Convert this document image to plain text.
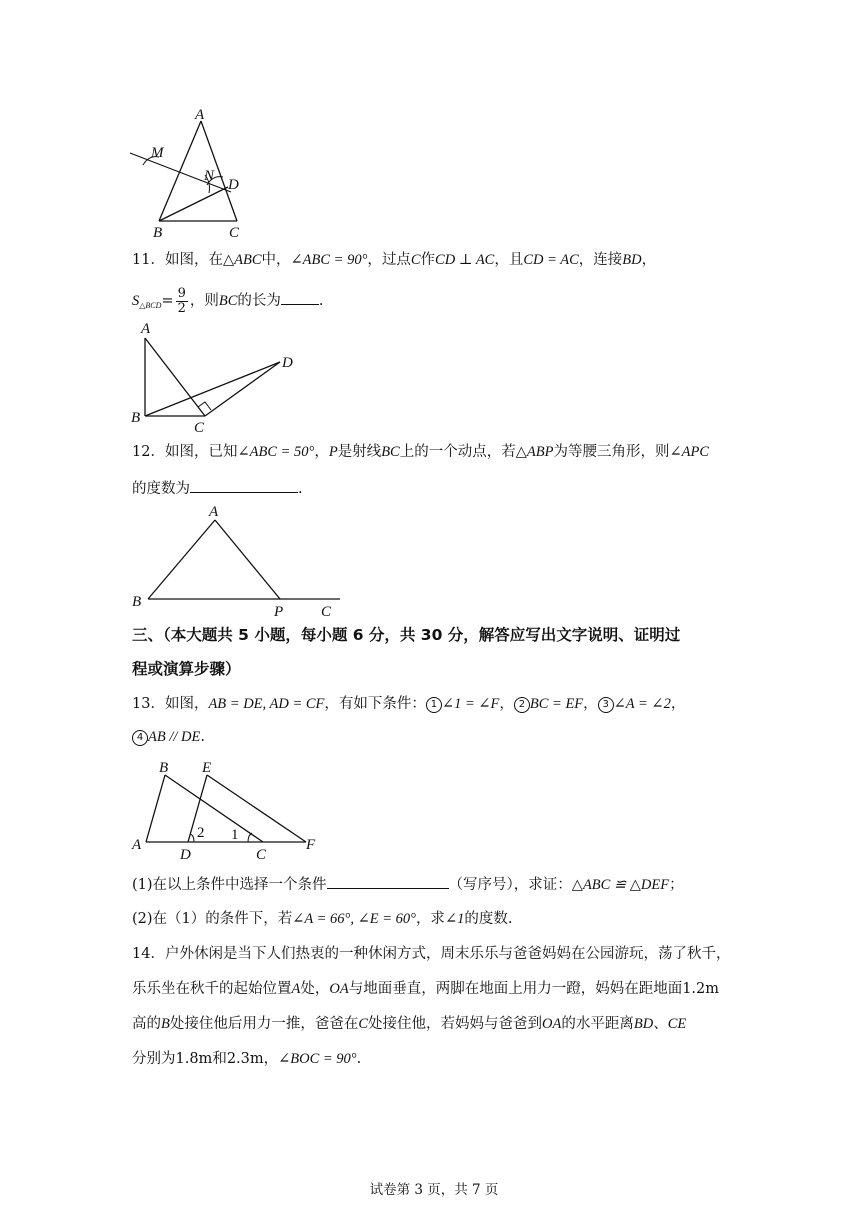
A
M
N
D
B	C
11．如图，在△ABC中，∠ABC = 90°，过点C作CD ⊥ AC，且CD = AC，连接BD，
$S_{\triangle BCD}= \frac{9}{2}$ ，则BC的长为	.
A
B
C
D
12．如图，已知∠ABC = 50°，P是射线BC上的一个动点，若△ABP为等腰三角形，则∠APC
的度数为	.
A
B
P	C
三、（本大题共 5 小题，每小题 6 分，共 30 分，解答应写出文字说明、证明过
程或演算步骤）
13．如图，AB = DE, AD = CF，有如下条件： 1 ∠1 = ∠F， 2 BC = EF， 3 ∠A = ∠2，
4 AB // DE.
B E
A
D	C
F
2 1
(1)在以上条件中选择一个条件	（写序号），求证：△ABC ≌ △DEF；
(2)在（1）的条件下，若∠A = 66°, ∠E = 60°，求∠1的度数.
14．户外休闲是当下人们热衷的一种休闲方式，周末乐乐与爸爸妈妈在公园游玩，荡了秋千，
乐乐坐在秋千的起始位置A处，OA与地面垂直，两脚在地面上用力一蹬，妈妈在距地面1.2m
高的B处接住他后用力一推，爸爸在C处接住他，若妈妈与爸爸到OA的水平距离BD、CE
分别为1.8m和2.3m，∠BOC = 90°.
试卷第 3 页，共 7 页
